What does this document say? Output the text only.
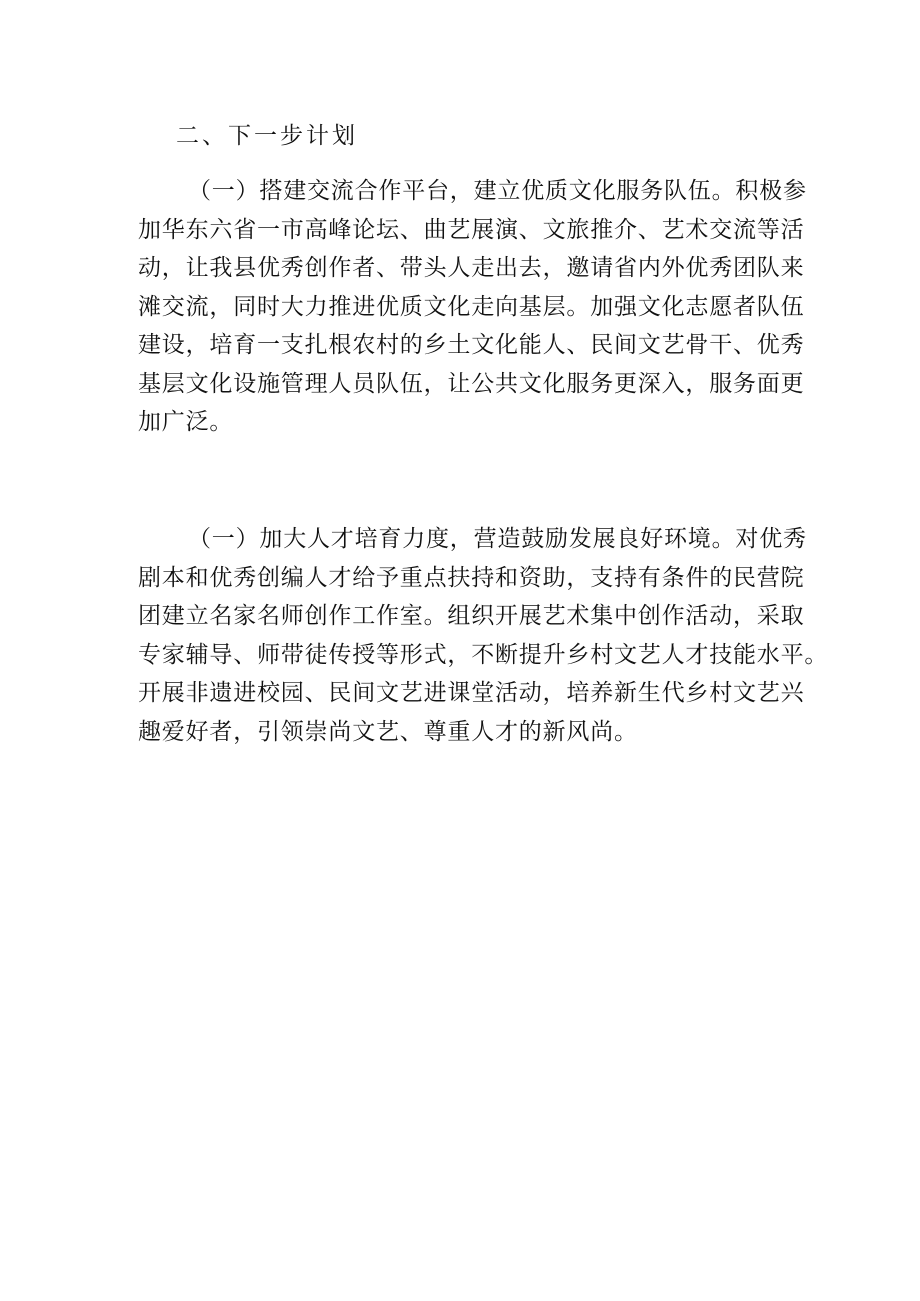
二、下一步计划

（一）搭建交流合作平台，建立优质文化服务队伍。积极参
加华东六省一市高峰论坛、曲艺展演、文旅推介、艺术交流等活
动，让我县优秀创作者、带头人走出去，邀请省内外优秀团队来
滩交流，同时大力推进优质文化走向基层。加强文化志愿者队伍
建设，培育一支扎根农村的乡土文化能人、民间文艺骨干、优秀
基层文化设施管理人员队伍，让公共文化服务更深入，服务面更
加广泛。

（一）加大人才培育力度，营造鼓励发展良好环境。对优秀
剧本和优秀创编人才给予重点扶持和资助，支持有条件的民营院
团建立名家名师创作工作室。组织开展艺术集中创作活动，采取
专家辅导、师带徒传授等形式，不断提升乡村文艺人才技能水平。
开展非遗进校园、民间文艺进课堂活动，培养新生代乡村文艺兴
趣爱好者，引领崇尚文艺、尊重人才的新风尚。
